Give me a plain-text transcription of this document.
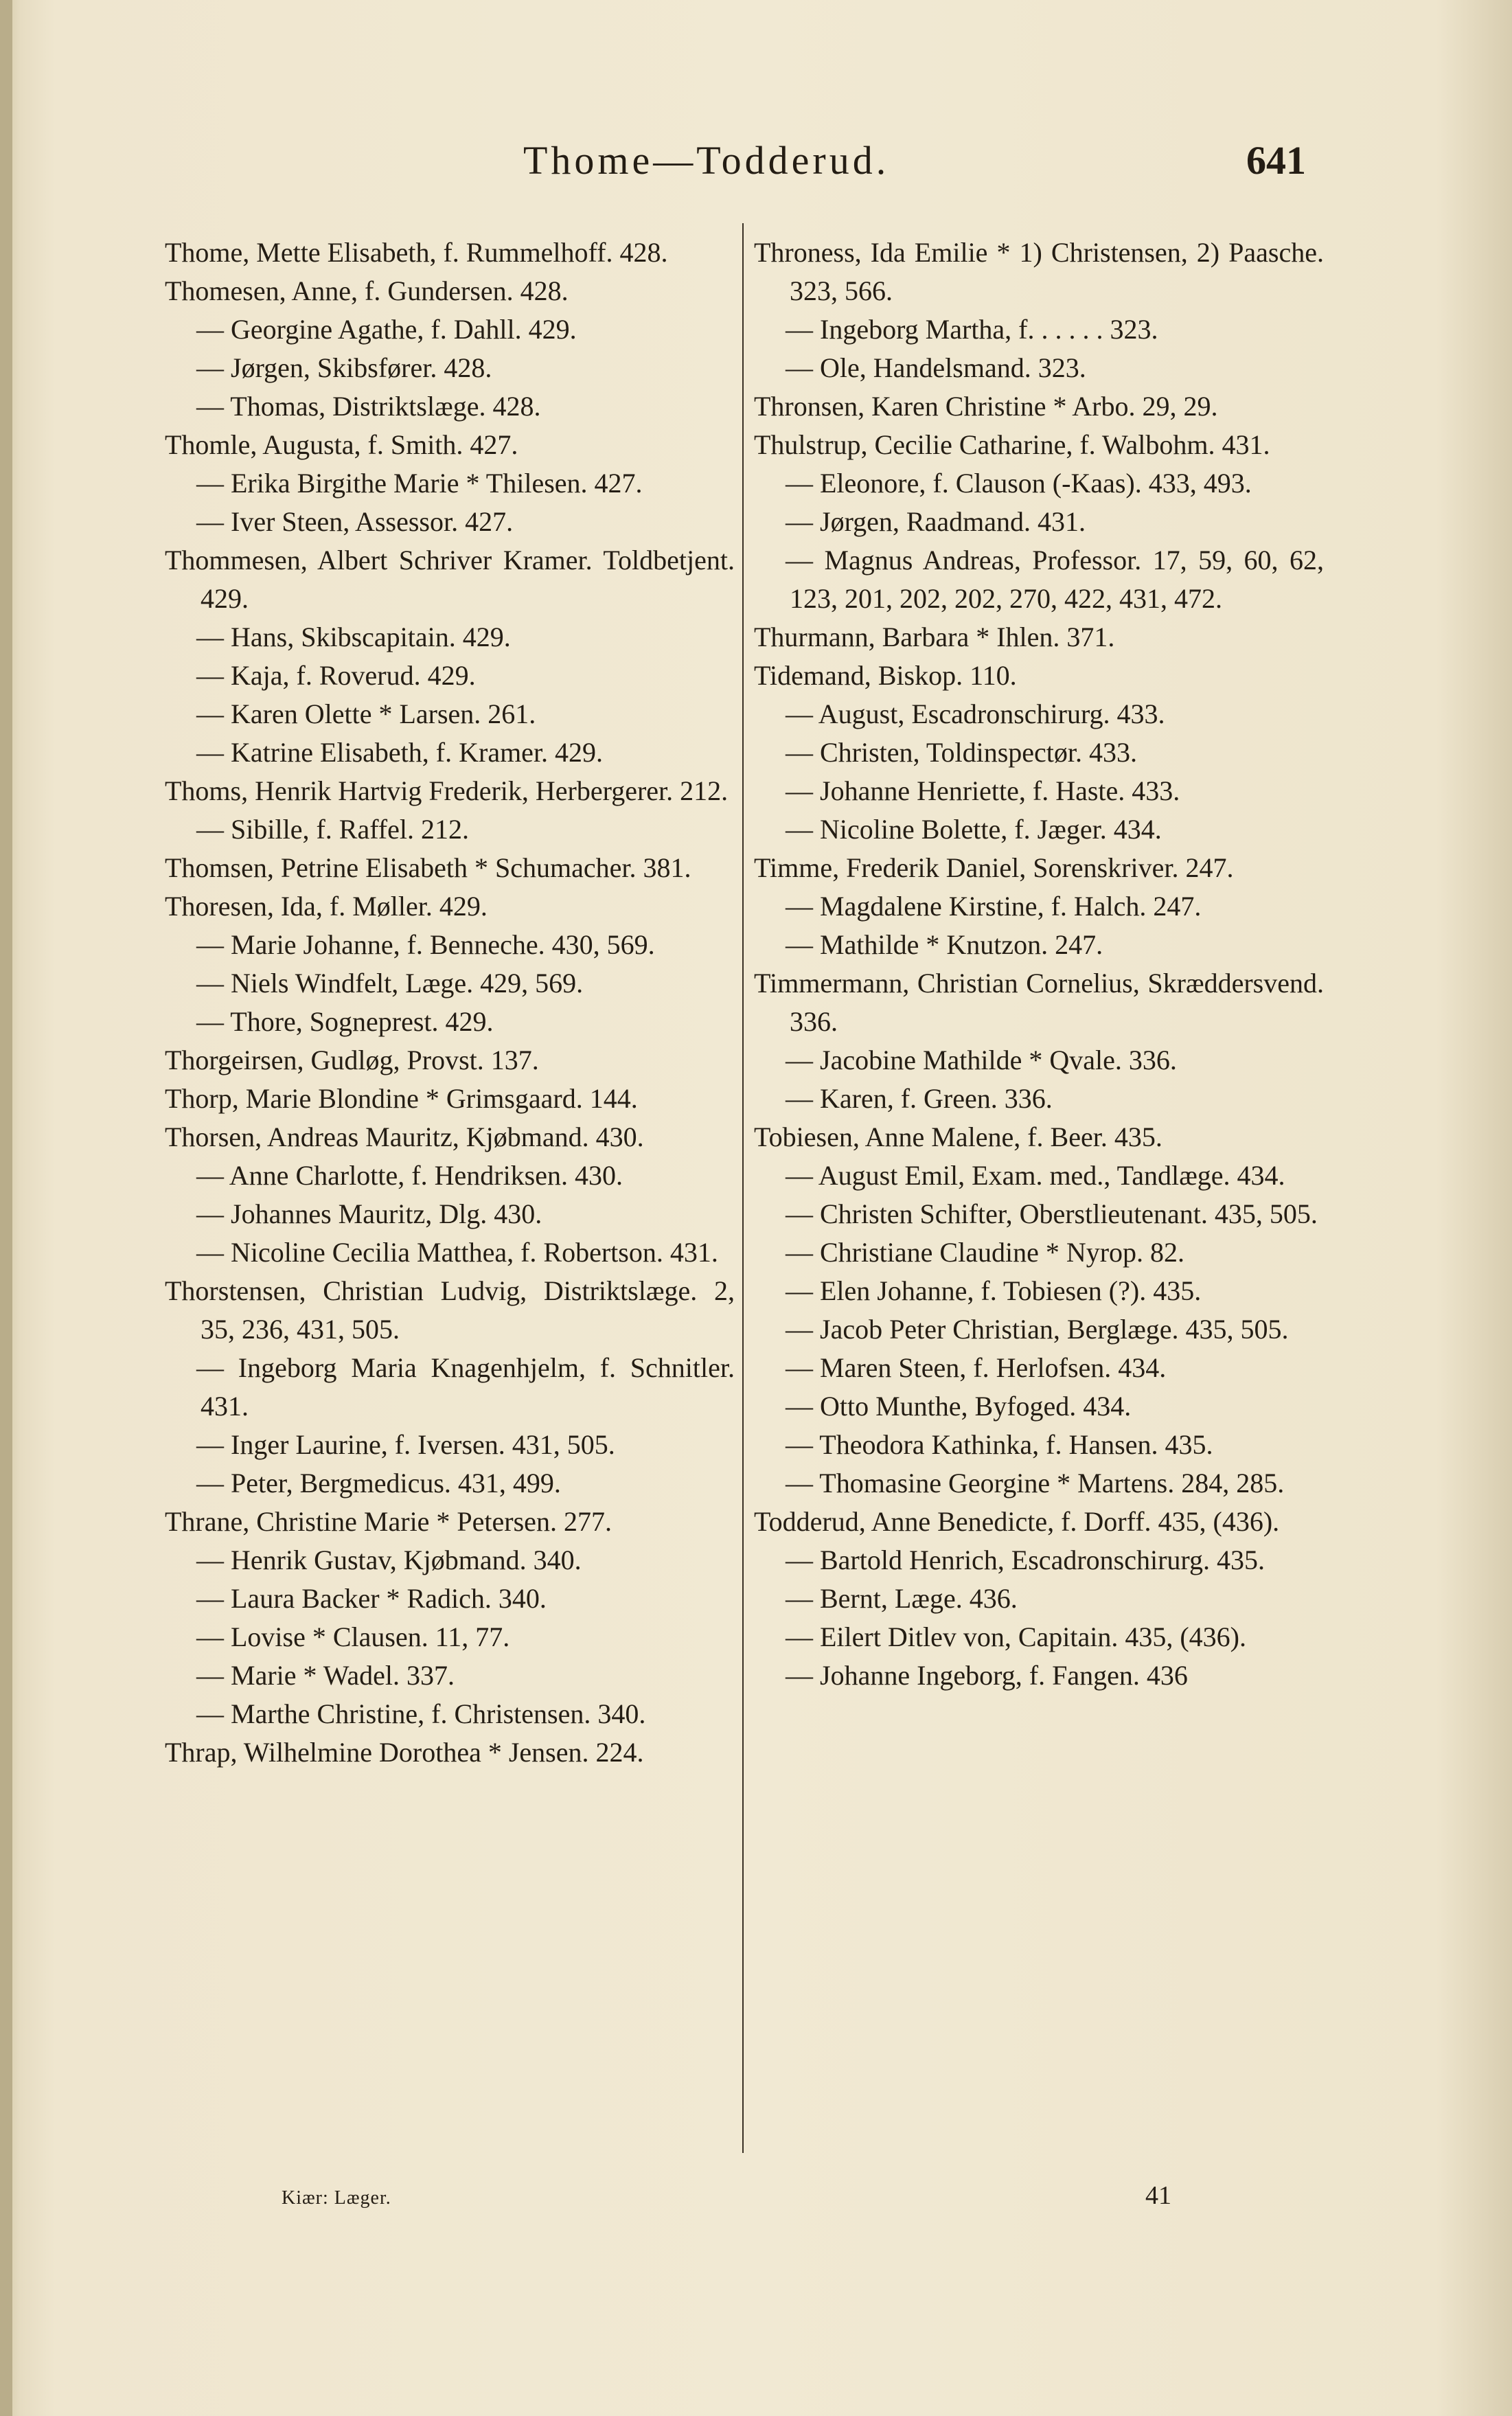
Thome—Todderud.	641
Thome, Mette Elisabeth, f. Rummelhoff. 428.
Thomesen, Anne, f. Gundersen. 428.
— Georgine Agathe, f. Dahll. 429.
— Jørgen, Skibsfører. 428.
— Thomas, Distriktslæge. 428.
Thomle, Augusta, f. Smith. 427.
— Erika Birgithe Marie * Thilesen. 427.
— Iver Steen, Assessor. 427.
Thommesen, Albert Schriver Kramer. Toldbetjent. 429.
— Hans, Skibscapitain. 429.
— Kaja, f. Roverud. 429.
— Karen Olette * Larsen. 261.
— Katrine Elisabeth, f. Kramer. 429.
Thoms, Henrik Hartvig Frederik, Herbergerer. 212.
— Sibille, f. Raffel. 212.
Thomsen, Petrine Elisabeth * Schumacher. 381.
Thoresen, Ida, f. Møller. 429.
— Marie Johanne, f. Benneche. 430, 569.
— Niels Windfelt, Læge. 429, 569.
— Thore, Sogneprest. 429.
Thorgeirsen, Gudløg, Provst. 137.
Thorp, Marie Blondine * Grimsgaard. 144.
Thorsen, Andreas Mauritz, Kjøbmand. 430.
— Anne Charlotte, f. Hendriksen. 430.
— Johannes Mauritz, Dlg. 430.
— Nicoline Cecilia Matthea, f. Robertson. 431.
Thorstensen, Christian Ludvig, Distriktslæge. 2, 35, 236, 431, 505.
— Ingeborg Maria Knagenhjelm, f. Schnitler. 431.
— Inger Laurine, f. Iversen. 431, 505.
— Peter, Bergmedicus. 431, 499.
Thrane, Christine Marie * Petersen. 277.
— Henrik Gustav, Kjøbmand. 340.
— Laura Backer * Radich. 340.
— Lovise * Clausen. 11, 77.
— Marie * Wadel. 337.
— Marthe Christine, f. Christensen. 340.
Thrap, Wilhelmine Dorothea * Jensen. 224.
Throness, Ida Emilie * 1) Christensen, 2) Paasche. 323, 566.
— Ingeborg Martha, f. . . . . . 323.
— Ole, Handelsmand. 323.
Thronsen, Karen Christine * Arbo. 29, 29.
Thulstrup, Cecilie Catharine, f. Walbohm. 431.
— Eleonore, f. Clauson (-Kaas). 433, 493.
— Jørgen, Raadmand. 431.
— Magnus Andreas, Professor. 17, 59, 60, 62, 123, 201, 202, 202, 270, 422, 431, 472.
Thurmann, Barbara * Ihlen. 371.
Tidemand, Biskop. 110.
— August, Escadronschirurg. 433.
— Christen, Toldinspectør. 433.
— Johanne Henriette, f. Haste. 433.
— Nicoline Bolette, f. Jæger. 434.
Timme, Frederik Daniel, Sorenskriver. 247.
— Magdalene Kirstine, f. Halch. 247.
— Mathilde * Knutzon. 247.
Timmermann, Christian Cornelius, Skræddersvend. 336.
— Jacobine Mathilde * Qvale. 336.
— Karen, f. Green. 336.
Tobiesen, Anne Malene, f. Beer. 435.
— August Emil, Exam. med., Tandlæge. 434.
— Christen Schifter, Oberstlieutenant. 435, 505.
— Christiane Claudine * Nyrop. 82.
— Elen Johanne, f. Tobiesen (?). 435.
— Jacob Peter Christian, Berglæge. 435, 505.
— Maren Steen, f. Herlofsen. 434.
— Otto Munthe, Byfoged. 434.
— Theodora Kathinka, f. Hansen. 435.
— Thomasine Georgine * Martens. 284, 285.
Todderud, Anne Benedicte, f. Dorff. 435, (436).
— Bartold Henrich, Escadronschirurg. 435.
— Bernt, Læge. 436.
— Eilert Ditlev von, Capitain. 435, (436).
— Johanne Ingeborg, f. Fangen. 436
Kiær: Læger.	41
